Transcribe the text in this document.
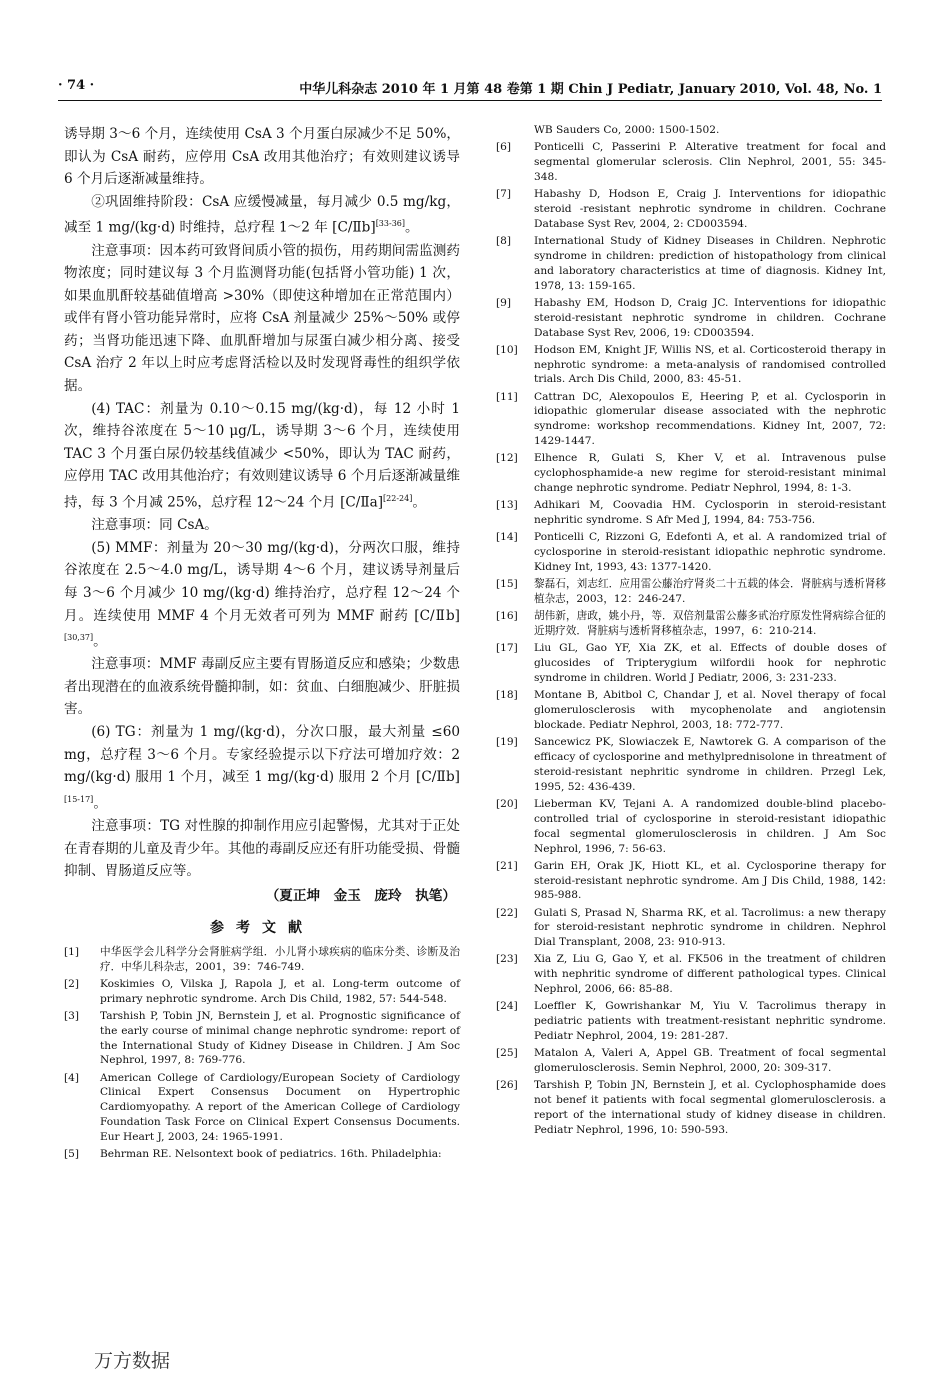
· 74 ·	中华儿科杂志 2010 年 1 月第 48 卷第 1 期 Chin J Pediatr, January 2010, Vol. 48, No. 1

诱导期 3～6 个月，连续使用 CsA 3 个月蛋白尿减少不足 50%，即认为 CsA 耐药，应停用 CsA 改用其他治疗；有效则建议诱导 6 个月后逐渐减量维持。

②巩固维持阶段：CsA 应缓慢减量，每月减少 0.5 mg/kg，减至 1 mg/(kg·d) 时维持，总疗程 1～2 年 [C/Ⅱb][33-36]。

注意事项：因本药可致肾间质小管的损伤，用药期间需监测药物浓度；同时建议每 3 个月监测肾功能(包括肾小管功能) 1 次，如果血肌酐较基础值增高 >30%（即使这种增加在正常范围内）或伴有肾小管功能异常时，应将 CsA 剂量减少 25%～50% 或停药；当肾功能迅速下降、血肌酐增加与尿蛋白减少相分离、接受 CsA 治疗 2 年以上时应考虑肾活检以及时发现肾毒性的组织学依据。

(4) TAC：剂量为 0.10～0.15 mg/(kg·d)，每 12 小时 1 次，维持谷浓度在 5～10 μg/L，诱导期 3～6 个月，连续使用 TAC 3 个月蛋白尿仍较基线值减少 <50%，即认为 TAC 耐药，应停用 TAC 改用其他治疗；有效则建议诱导 6 个月后逐渐减量维持，每 3 个月减 25%，总疗程 12～24 个月 [C/Ⅱa][22-24]。

注意事项：同 CsA。

(5) MMF：剂量为 20～30 mg/(kg·d)，分两次口服，维持谷浓度在 2.5～4.0 mg/L，诱导期 4～6 个月，建议诱导剂量后每 3～6 个月减少 10 mg/(kg·d) 维持治疗，总疗程 12～24 个月。连续使用 MMF 4 个月无效者可列为 MMF 耐药 [C/Ⅱb][30,37]。

注意事项：MMF 毒副反应主要有胃肠道反应和感染；少数患者出现潜在的血液系统骨髓抑制，如：贫血、白细胞减少、肝脏损害。

(6) TG：剂量为 1 mg/(kg·d)，分次口服，最大剂量 ≤60 mg，总疗程 3～6 个月。专家经验提示以下疗法可增加疗效：2 mg/(kg·d) 服用 1 个月，减至 1 mg/(kg·d) 服用 2 个月 [C/Ⅱb][15-17]。

注意事项：TG 对性腺的抑制作用应引起警惕，尤其对于正处在青春期的儿童及青少年。其他的毒副反应还有肝功能受损、骨髓抑制、胃肠道反应等。

（夏正坤　金玉　庞玲　执笔）
参考文献
[1]	中华医学会儿科学分会肾脏病学组．小儿肾小球疾病的临床分类、诊断及治疗．中华儿科杂志，2001，39：746-749.
[2]	Koskimies O, Vilska J, Rapola J, et al. Long-term outcome of primary nephrotic syndrome. Arch Dis Child, 1982, 57: 544-548.
[3]	Tarshish P, Tobin JN, Bernstein J, et al. Prognostic significance of the early course of minimal change nephrotic syndrome: report of the International Study of Kidney Disease in Children. J Am Soc Nephrol, 1997, 8: 769-776.
[4]	American College of Cardiology/European Society of Cardiology Clinical Expert Consensus Document on Hypertrophic Cardiomyopathy. A report of the American College of Cardiology Foundation Task Force on Clinical Expert Consensus Documents. Eur Heart J, 2003, 24: 1965-1991.
[5]	Behrman RE. Nelsontext book of pediatrics. 16th. Philadelphia:
WB Sauders Co, 2000: 1500-1502.
[6]	Ponticelli C, Passerini P. Alterative treatment for focal and segmental glomerular sclerosis. Clin Nephrol, 2001, 55: 345-348.
[7]	Habashy D, Hodson E, Craig J. Interventions for idiopathic steroid -resistant nephrotic syndrome in children. Cochrane Database Syst Rev, 2004, 2: CD003594.
[8]	International Study of Kidney Diseases in Children. Nephrotic syndrome in children: prediction of histopathology from clinical and laboratory characteristics at time of diagnosis. Kidney Int, 1978, 13: 159-165.
[9]	Habashy EM, Hodson D, Craig JC. Interventions for idiopathic steroid-resistant nephrotic syndrome in children. Cochrane Database Syst Rev, 2006, 19: CD003594.
[10]	Hodson EM, Knight JF, Willis NS, et al. Corticosteroid therapy in nephrotic syndrome: a meta-analysis of randomised controlled trials. Arch Dis Child, 2000, 83: 45-51.
[11]	Cattran DC, Alexopoulos E, Heering P, et al. Cyclosporin in idiopathic glomerular disease associated with the nephrotic syndrome: workshop recommendations. Kidney Int, 2007, 72: 1429-1447.
[12]	Elhence R, Gulati S, Kher V, et al. Intravenous pulse cyclophosphamide-a new regime for steroid-resistant minimal change nephrotic syndrome. Pediatr Nephrol, 1994, 8: 1-3.
[13]	Adhikari M, Coovadia HM. Cyclosporin in steroid-resistant nephritic syndrome. S Afr Med J, 1994, 84: 753-756.
[14]	Ponticelli C, Rizzoni G, Edefonti A, et al. A randomized trial of cyclosporine in steroid-resistant idiopathic nephrotic syndrome. Kidney Int, 1993, 43: 1377-1420.
[15]	黎磊石，刘志红．应用雷公藤治疗肾炎二十五载的体会．肾脏病与透析肾移植杂志，2003，12：246-247.
[16]	胡伟新，唐政，姚小丹，等．双倍剂量雷公藤多甙治疗原发性肾病综合征的近期疗效．肾脏病与透析肾移植杂志，1997，6：210-214.
[17]	Liu GL, Gao YF, Xia ZK, et al. Effects of double doses of glucosides of Tripterygium wilfordii hook for nephrotic syndrome in children. World J Pediatr, 2006, 3: 231-233.
[18]	Montane B, Abitbol C, Chandar J, et al. Novel therapy of focal glomerulosclerosis with mycophenolate and angiotensin blockade. Pediatr Nephrol, 2003, 18: 772-777.
[19]	Sancewicz PK, Slowiaczek E, Nawtorek G. A comparison of the efficacy of cyclosporine and methylprednisolone in threatment of steroid-resistant nephritic syndrome in children. Przegl Lek, 1995, 52: 436-439.
[20]	Lieberman KV, Tejani A. A randomized double-blind placebo-controlled trial of cyclosporine in steroid-resistant idiopathic focal segmental glomerulosclerosis in children. J Am Soc Nephrol, 1996, 7: 56-63.
[21]	Garin EH, Orak JK, Hiott KL, et al. Cyclosporine therapy for steroid-resistant nephrotic syndrome. Am J Dis Child, 1988, 142: 985-988.
[22]	Gulati S, Prasad N, Sharma RK, et al. Tacrolimus: a new therapy for steroid-resistant nephrotic syndrome in children. Nephrol Dial Transplant, 2008, 23: 910-913.
[23]	Xia Z, Liu G, Gao Y, et al. FK506 in the treatment of children with nephritic syndrome of different pathological types. Clinical Nephrol, 2006, 66: 85-88.
[24]	Loeffler K, Gowrishankar M, Yiu V. Tacrolimus therapy in pediatric patients with treatment-resistant nephritic syndrome. Pediatr Nephrol, 2004, 19: 281-287.
[25]	Matalon A, Valeri A, Appel GB. Treatment of focal segmental glomerulosclerosis. Semin Nephrol, 2000, 20: 309-317.
[26]	Tarshish P, Tobin JN, Bernstein J, et al. Cyclophosphamide does not benef it patients with focal segmental glomerulosclerosis. a report of the international study of kidney disease in children. Pediatr Nephrol, 1996, 10: 590-593.
万方数据
